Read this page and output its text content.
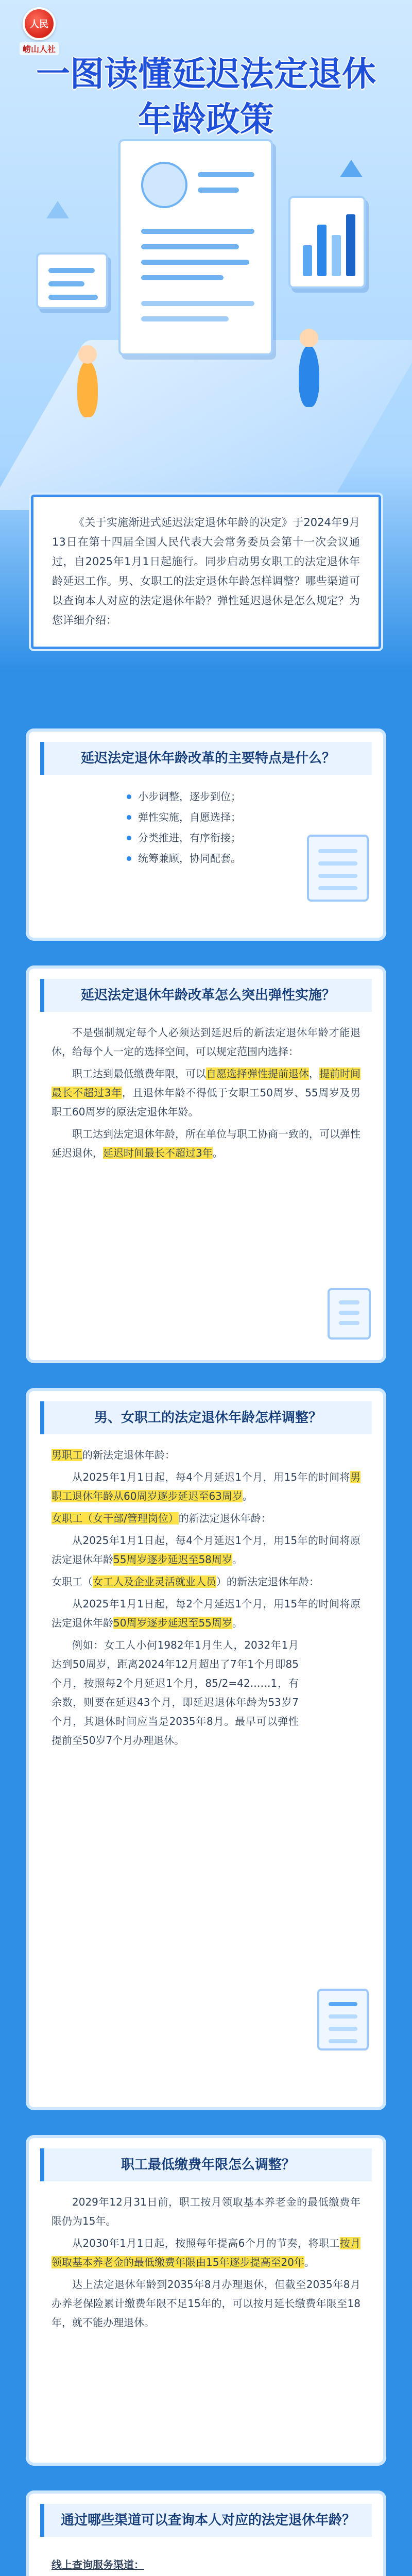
人民
崂山人社
一图读懂延迟法定退休
年龄政策

《关于实施渐进式延迟法定退休年龄的决定》于2024年9月13日在第十四届全国人民代表大会常务委员会第十一次会议通过，自2025年1月1日起施行。同步启动男女职工的法定退休年龄延迟工作。男、女职工的法定退休年龄怎样调整？哪些渠道可以查询本人对应的法定退休年龄？弹性延迟退休是怎么规定？为您详细介绍：

延迟法定退休年龄改革的主要特点是什么？
小步调整，逐步到位；
弹性实施，自愿选择；
分类推进，有序衔接；
统筹兼顾，协同配套。
延迟法定退休年龄改革怎么突出弹性实施？

不是强制规定每个人必须达到延迟后的新法定退休年龄才能退休，给每个人一定的选择空间，可以规定范围内选择：

职工达到最低缴费年限，可以自愿选择弹性提前退休，提前时间最长不超过3年，且退休年龄不得低于女职工50周岁、55周岁及男职工60周岁的原法定退休年龄。

职工达到法定退休年龄，所在单位与职工协商一致的，可以弹性延迟退休，延迟时间最长不超过3年。

男、女职工的法定退休年龄怎样调整？

男职工的新法定退休年龄：

从2025年1月1日起，每4个月延迟1个月，用15年的时间将男职工退休年龄从60周岁逐步延迟至63周岁。

女职工（女干部/管理岗位）的新法定退休年龄：

从2025年1月1日起，每4个月延迟1个月，用15年的时间将原法定退休年龄55周岁逐步延迟至58周岁。

女职工（女工人及企业灵活就业人员）的新法定退休年龄：

从2025年1月1日起，每2个月延迟1个月，用15年的时间将原法定退休年龄50周岁逐步延迟至55周岁。

例如：女工人小何1982年1月生人，2032年1月达到50周岁，距离2024年12月超出了7年1个月即85个月，按照每2个月延迟1个月，85/2=42……1，有余数，则要在延迟43个月，即延迟退休年龄为53岁7个月，其退休时间应当是2035年8月。最早可以弹性提前至50岁7个月办理退休。

职工最低缴费年限怎么调整？

2029年12月31日前，职工按月领取基本养老金的最低缴费年限仍为15年。

从2030年1月1日起，按照每年提高6个月的节奏，将职工按月领取基本养老金的最低缴费年限由15年逐步提高至20年。

达上法定退休年龄到2035年8月办理退休，但截至2035年8月办养老保险累计缴费年限不足15年的，可以按月延长缴费年限至18年，就不能办理退休。

通过哪些渠道可以查询本人对应的法定退休年龄？

线上查询服务渠道：
